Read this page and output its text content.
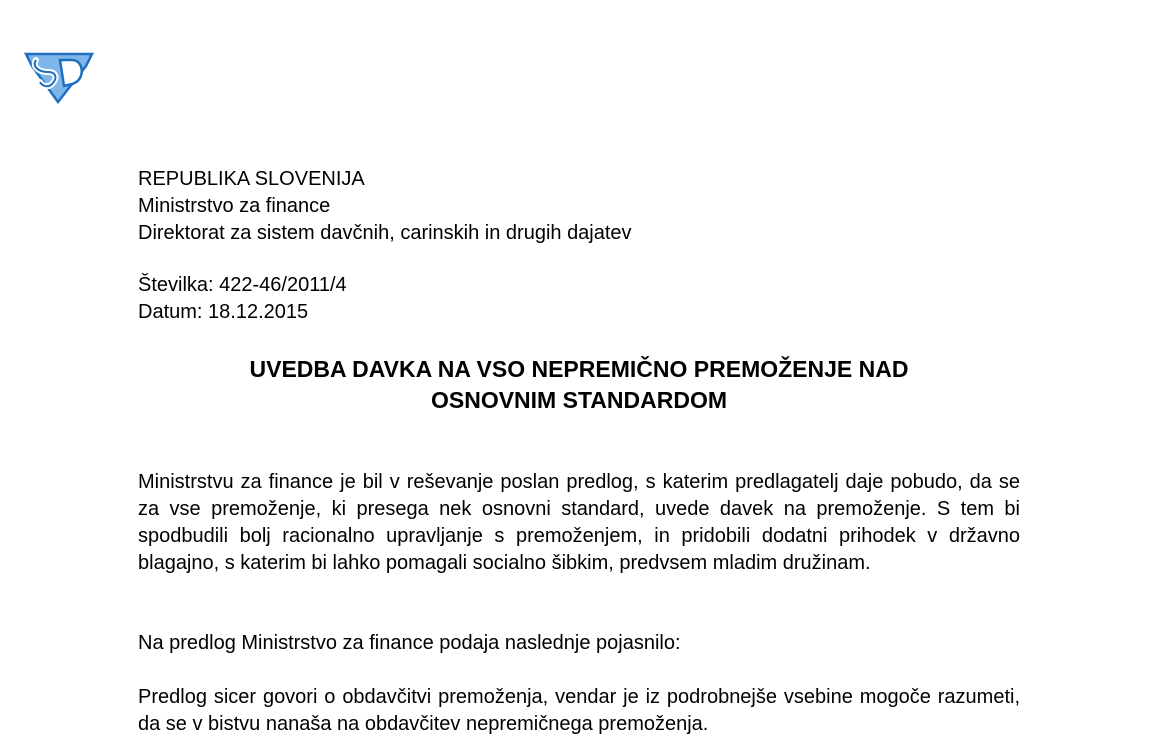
REPUBLIKA SLOVENIJA
Ministrstvo za finance
Direktorat za sistem davčnih, carinskih in drugih dajatev
Številka: 422-46/2011/4
Datum: 18.12.2015
UVEDBA DAVKA NA VSO NEPREMIČNO PREMOŽENJE NAD
OSNOVNIM STANDARDOM

Ministrstvu za finance je bil v reševanje poslan predlog, s katerim predlagatelj daje pobudo, da se za vse premoženje, ki presega nek osnovni standard, uvede davek na premoženje. S tem bi spodbudili bolj racionalno upravljanje s premoženjem, in pridobili dodatni prihodek v državno blagajno, s katerim bi lahko pomagali socialno šibkim, predvsem mladim družinam.

Na predlog Ministrstvo za finance podaja naslednje pojasnilo:

Predlog sicer govori o obdavčitvi premoženja, vendar je iz podrobnejše vsebine mogoče razumeti, da se v bistvu nanaša na obdavčitev nepremičnega premoženja.
